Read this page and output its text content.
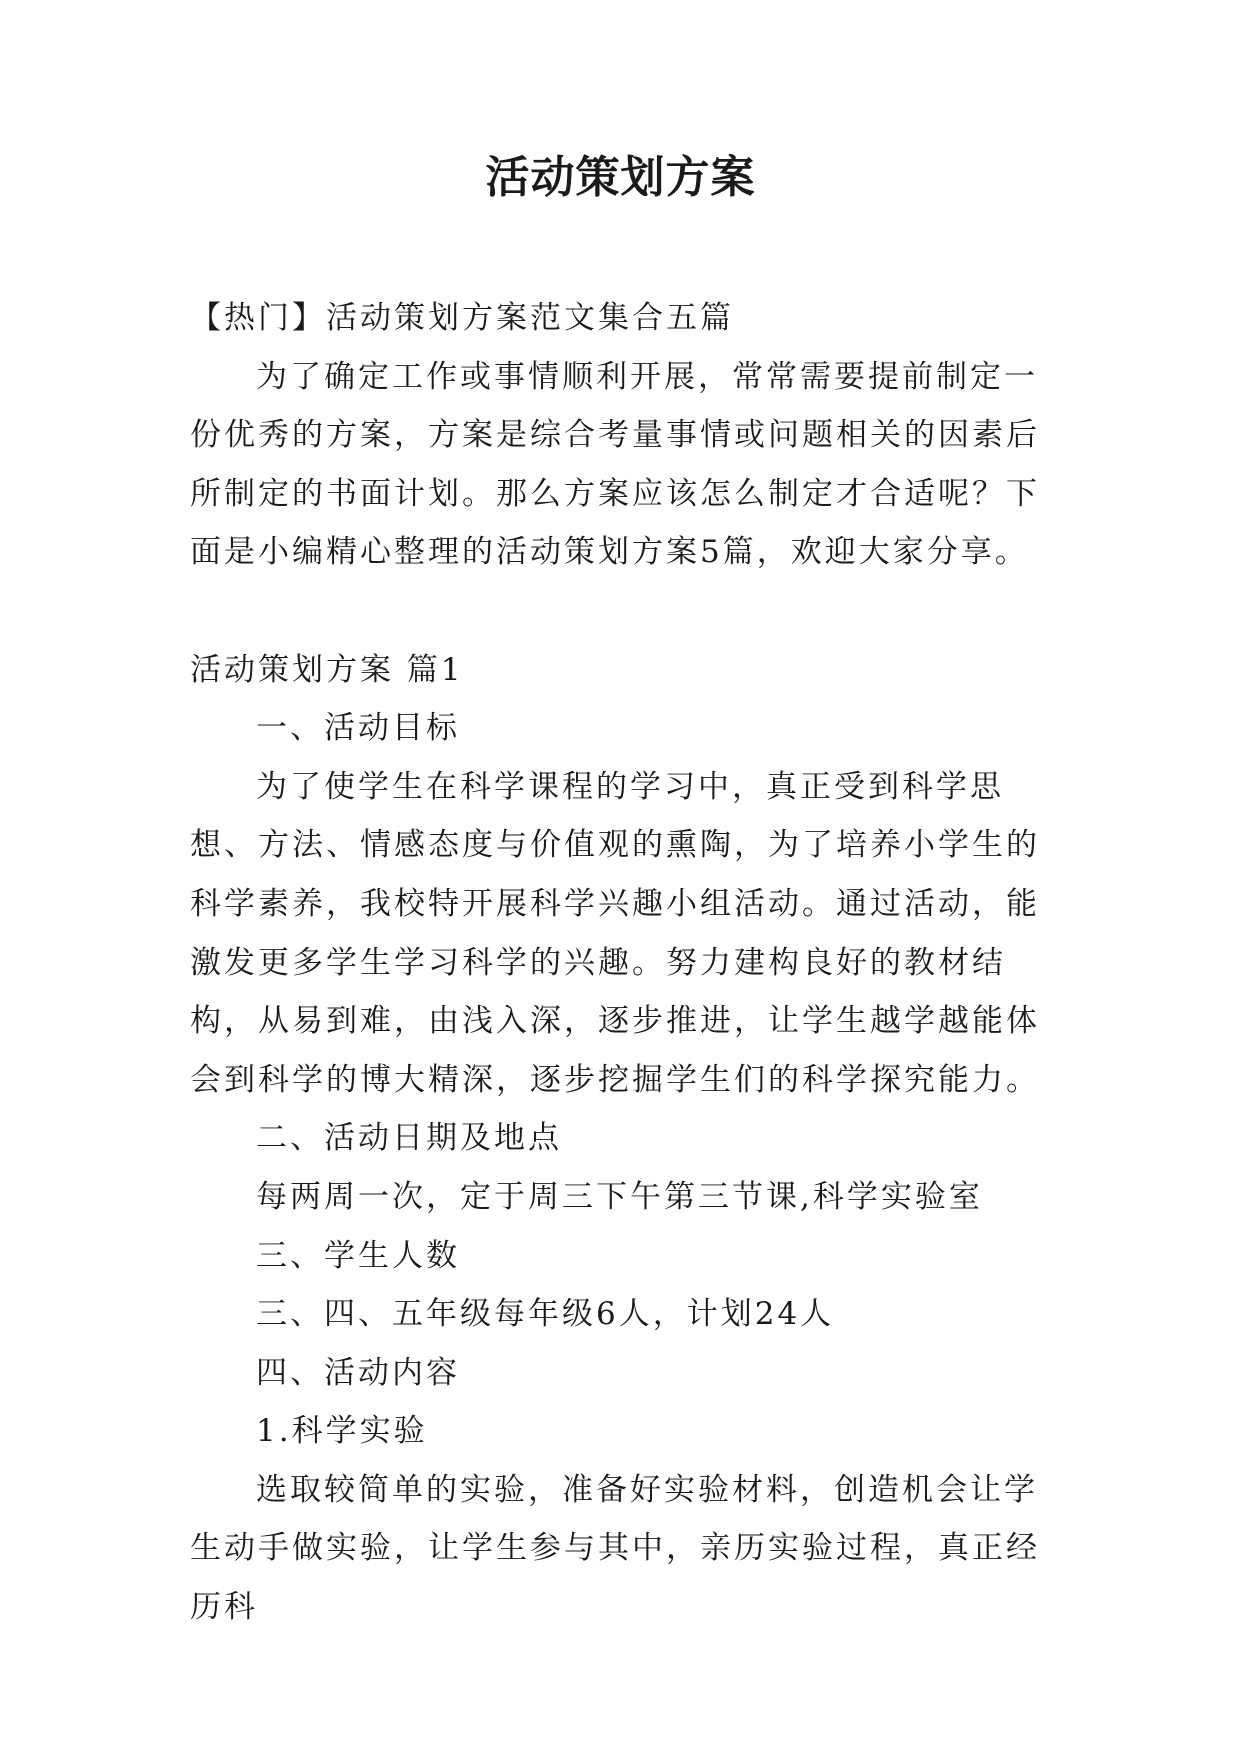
活动策划方案

【热门】活动策划方案范文集合五篇

为了确定工作或事情顺利开展，常常需要提前制定一份优秀的方案，方案是综合考量事情或问题相关的因素后所制定的书面计划。那么方案应该怎么制定才合适呢？下面是小编精心整理的活动策划方案5篇，欢迎大家分享。

活动策划方案 篇1

一、活动目标

为了使学生在科学课程的学习中，真正受到科学思想、方法、情感态度与价值观的熏陶，为了培养小学生的科学素养，我校特开展科学兴趣小组活动。通过活动，能激发更多学生学习科学的兴趣。努力建构良好的教材结构，从易到难，由浅入深，逐步推进，让学生越学越能体会到科学的博大精深，逐步挖掘学生们的科学探究能力。

二、活动日期及地点

每两周一次，定于周三下午第三节课,科学实验室

三、学生人数

三、四、五年级每年级6人，计划24人

四、活动内容

1.科学实验

选取较简单的实验，准备好实验材料，创造机会让学生动手做实验，让学生参与其中，亲历实验过程，真正经历科
